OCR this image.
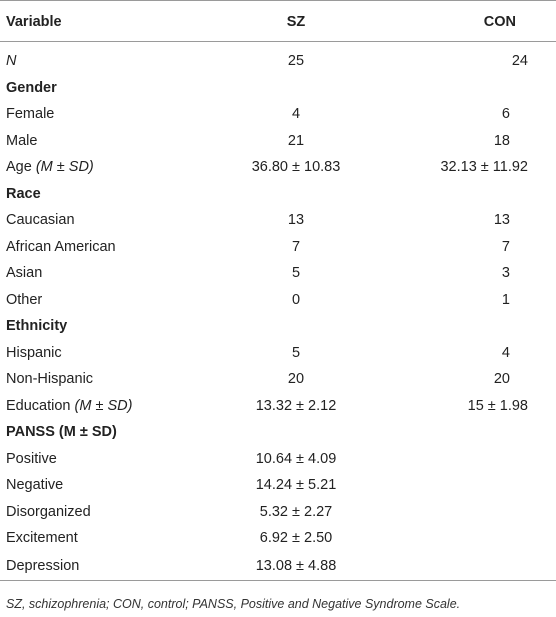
Variable	SZ	CON
N	25	24
Gender		
Female	4	6
Male	21	18
Age (M ± SD)	36.80 ± 10.83	32.13 ± 11.92
Race		
Caucasian	13	13
African American	7	7
Asian	5	3
Other	0	1
Ethnicity		
Hispanic	5	4
Non-Hispanic	20	20
Education (M ± SD)	13.32 ± 2.12	15 ± 1.98
PANSS (M ± SD)		
Positive	10.64 ± 4.09	
Negative	14.24 ± 5.21	
Disorganized	5.32 ± 2.27	
Excitement	6.92 ± 2.50	
Depression	13.08 ± 4.88	
SZ, schizophrenia; CON, control; PANSS, Positive and Negative Syndrome Scale.
